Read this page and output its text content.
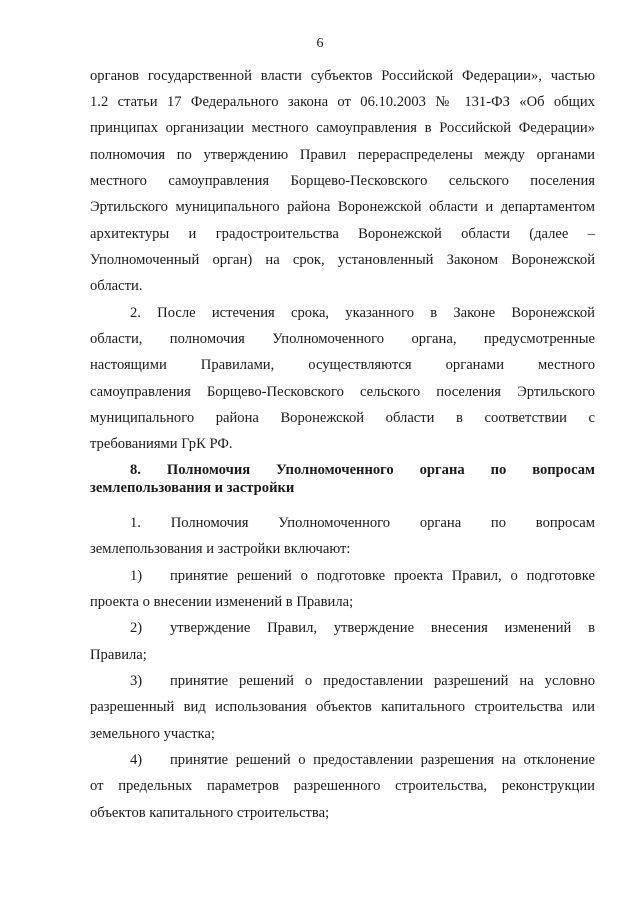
6
органов государственной власти субъектов Российской Федерации», частью
1.2 статьи 17 Федерального закона от 06.10.2003 № 131-ФЗ «Об общих
принципах организации местного самоуправления в Российской Федерации»
полномочия по утверждению Правил перераспределены между органами
местного самоуправления Борщево-Песковского сельского поселения
Эртильского муниципального района Воронежской области и департаментом
архитектуры и градостроительства Воронежской области (далее –
Уполномоченный орган) на срок, установленный Законом Воронежской
области.
2. После истечения срока, указанного в Законе Воронежской
области, полномочия Уполномоченного органа, предусмотренные
настоящими Правилами, осуществляются органами местного
самоуправления Борщево-Песковского сельского поселения Эртильского
муниципального района Воронежской области в соответствии с
требованиями ГрК РФ.
8. Полномочия Уполномоченного органа по вопросам
землепользования и застройки
1. Полномочия Уполномоченного органа по вопросам
землепользования и застройки включают:
1)	принятие решений о подготовке проекта Правил, о подготовке
проекта о внесении изменений в Правила;
2)	утверждение Правил, утверждение внесения изменений в
Правила;
3)	принятие решений о предоставлении разрешений на условно
разрешенный вид использования объектов капитального строительства или
земельного участка;
4)	принятие решений о предоставлении разрешения на отклонение
от предельных параметров разрешенного строительства, реконструкции
объектов капитального строительства;
